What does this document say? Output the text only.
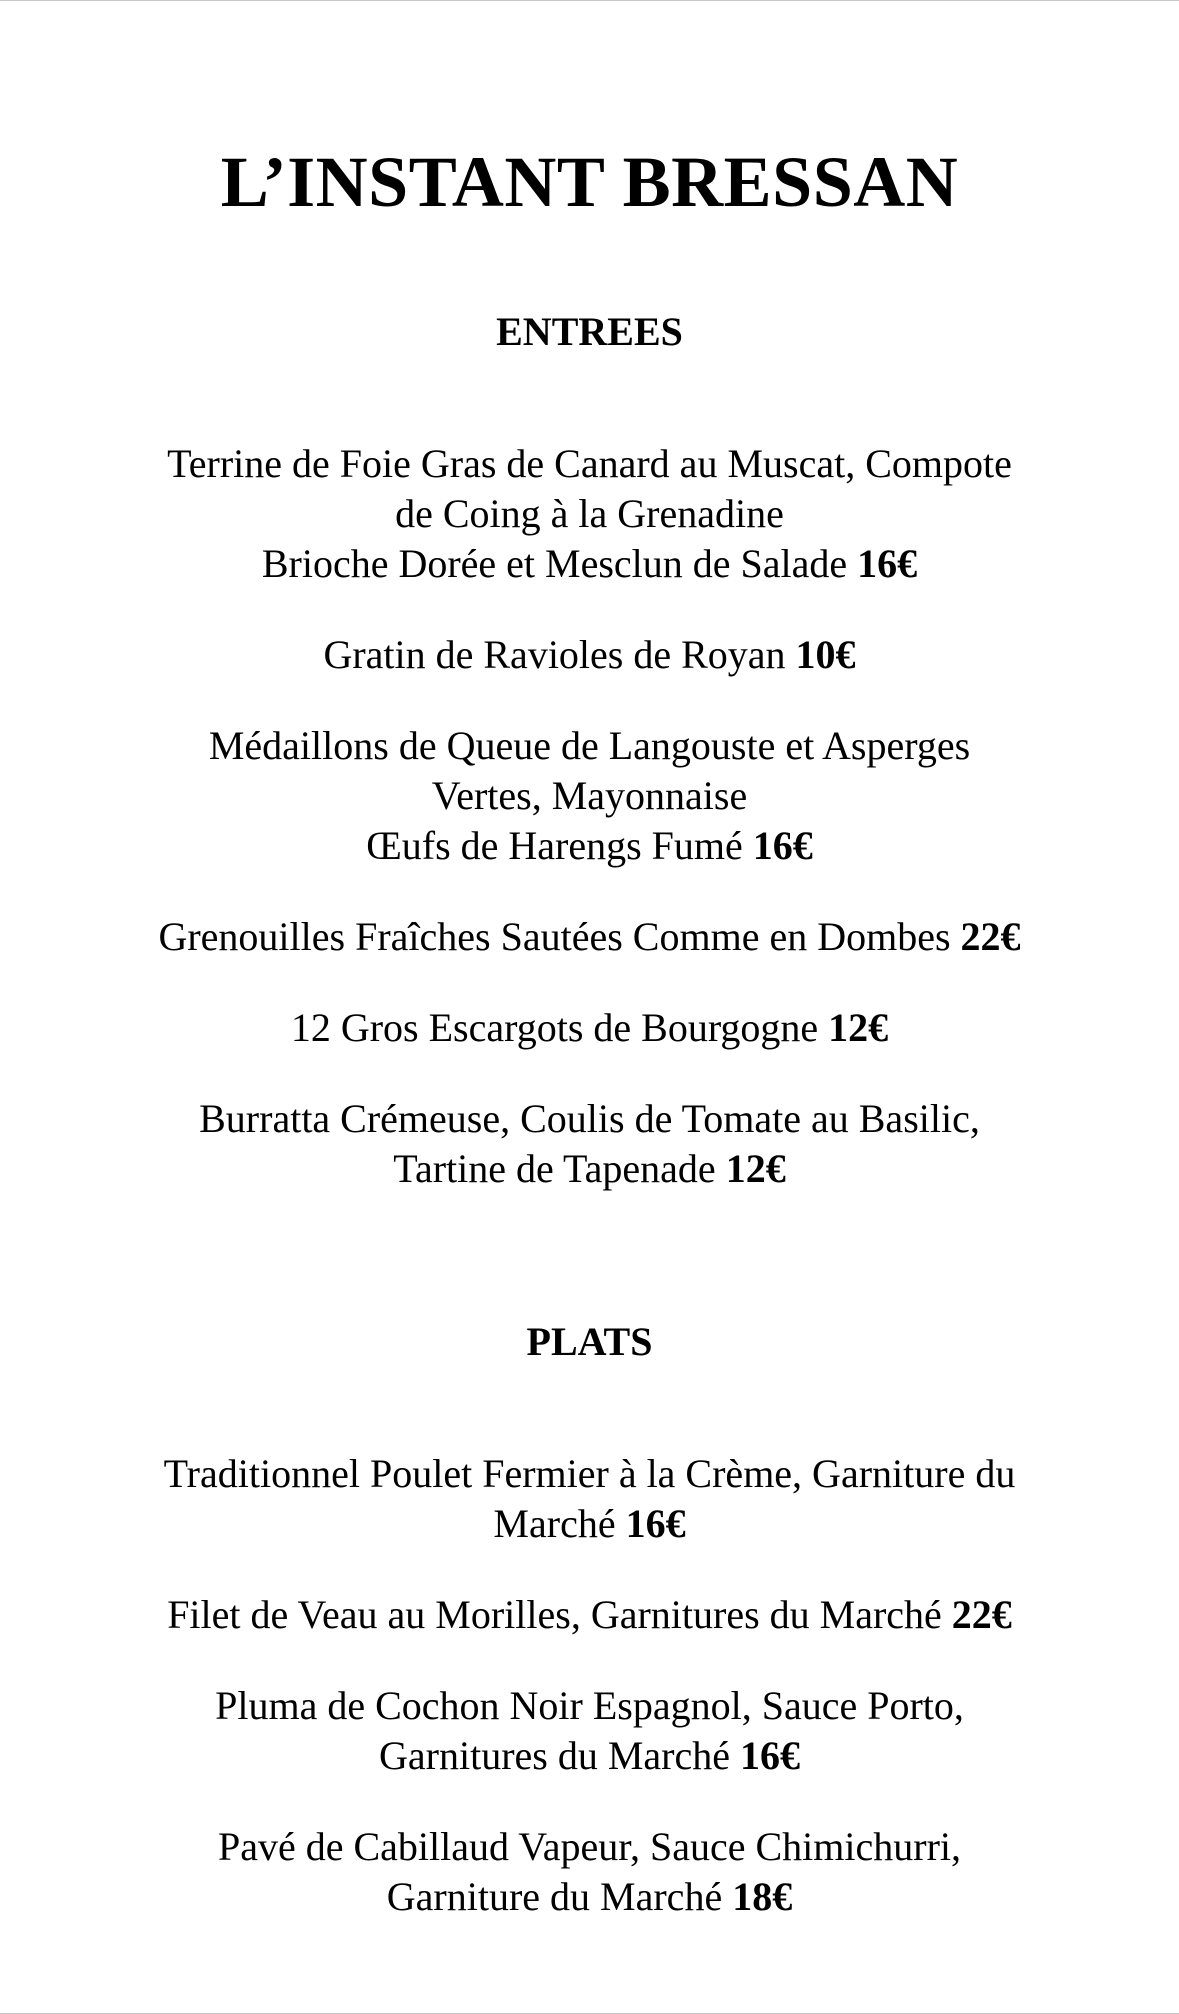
L’INSTANT BRESSAN
ENTREES
Terrine de Foie Gras de Canard au Muscat, Compote
de Coing à la Grenadine
Brioche Dorée et Mesclun de Salade 16€
Gratin de Ravioles de Royan 10€
Médaillons de Queue de Langouste et Asperges
Vertes, Mayonnaise
Œufs de Harengs Fumé 16€
Grenouilles Fraîches Sautées Comme en Dombes 22€
12 Gros Escargots de Bourgogne 12€
Burratta Crémeuse, Coulis de Tomate au Basilic,
Tartine de Tapenade 12€
PLATS
Traditionnel Poulet Fermier à la Crème, Garniture du
Marché 16€
Filet de Veau au Morilles, Garnitures du Marché 22€
Pluma de Cochon Noir Espagnol, Sauce Porto,
Garnitures du Marché 16€
Pavé de Cabillaud Vapeur, Sauce Chimichurri,
Garniture du Marché 18€
